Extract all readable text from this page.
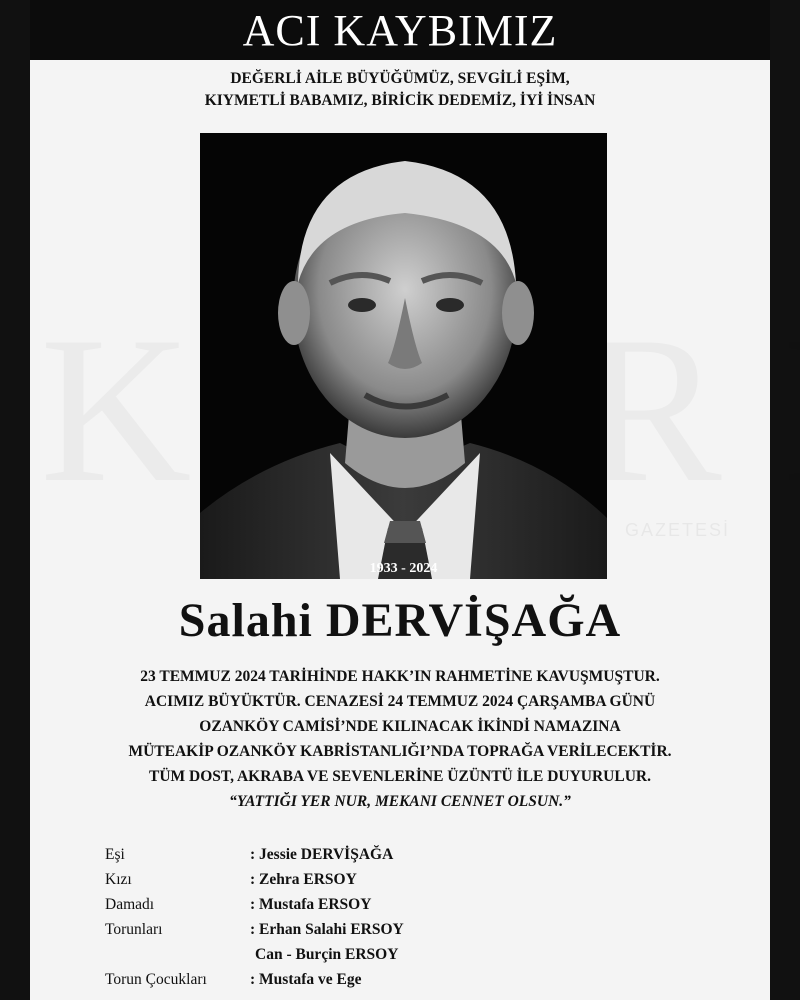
GAZETESİ
ACI KAYBIMIZ
DEĞERLİ AİLE BÜYÜĞÜMÜZ, SEVGİLİ EŞİM,
KIYMETLİ BABAMIZ, BİRİCİK DEDEMİZ, İYİ İNSAN
1933 - 2024
Salahi DERVİŞAĞA
23 TEMMUZ 2024 TARİHİNDE HAKK’IN RAHMETİNE KAVUŞMUŞTUR.
ACIMIZ BÜYÜKTÜR. CENAZESİ 24 TEMMUZ 2024 ÇARŞAMBA GÜNÜ
OZANKÖY CAMİSİ’NDE KILINACAK İKİNDİ NAMAZINA
MÜTEAKİP OZANKÖY KABRİSTANLIĞI’NDA TOPRAĞA VERİLECEKTİR.
TÜM DOST, AKRABA VE SEVENLERİNE ÜZÜNTÜ İLE DUYURULUR.
“YATTIĞI YER NUR, MEKANI CENNET OLSUN.”
Eşi	: Jessie DERVİŞAĞA
Kızı	: Zehra ERSOY
Damadı	: Mustafa ERSOY
Torunları	: Erhan Salahi ERSOY
Can - Burçin ERSOY
Torun Çocukları	: Mustafa ve Ege
